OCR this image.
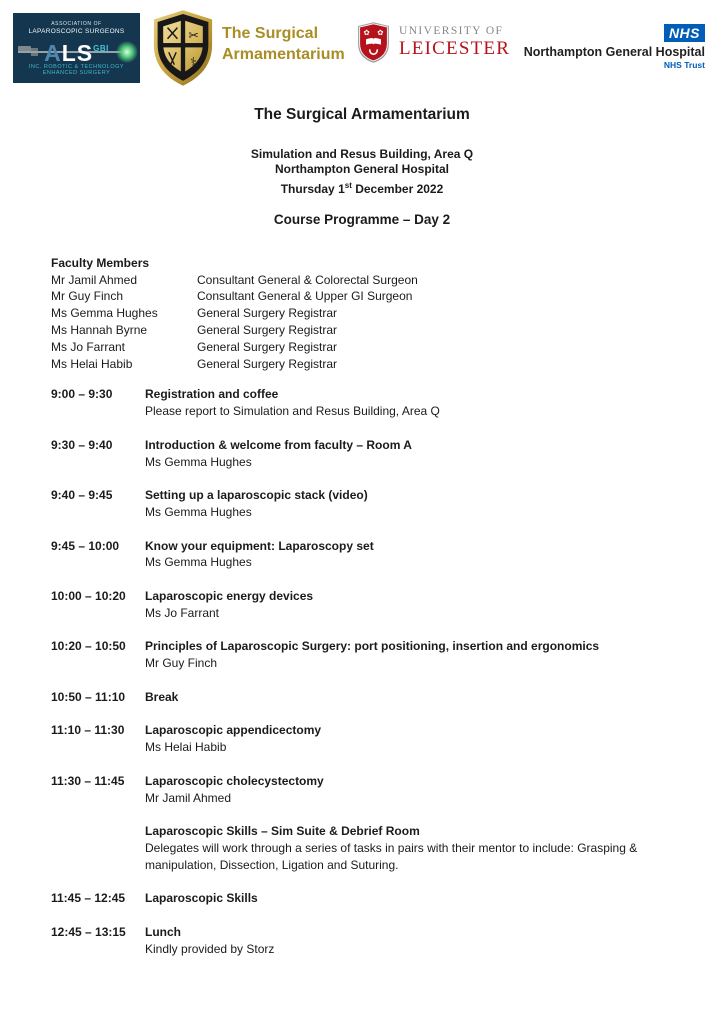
ASSOCIATION OF
LAPAROSCOPIC SURGEONS
$ALS^{GBI}$
INC. ROBOTIC & TECHNOLOGY
ENHANCED SURGERY
✂
⚕
The Surgical
Armamentarium
✿ ✿ UNIVERSITY OF
LEICESTER
NHS
Northampton General Hospital
NHS Trust
The Surgical Armamentarium
Simulation and Resus Building, Area Q
Northampton General Hospital
Thursday 1st December 2022
Course Programme – Day 2
Faculty Members
Mr Jamil Ahmed	Consultant General & Colorectal Surgeon
Mr Guy Finch	Consultant General & Upper GI Surgeon
Ms Gemma Hughes	General Surgery Registrar
Ms Hannah Byrne	General Surgery Registrar
Ms Jo Farrant	General Surgery Registrar
Ms Helai Habib	General Surgery Registrar
9:00 – 9:30	Registration and coffee
Please report to Simulation and Resus Building, Area Q
9:30 – 9:40	Introduction & welcome from faculty – Room A
Ms Gemma Hughes
9:40 – 9:45	Setting up a laparoscopic stack (video)
Ms Gemma Hughes
9:45 – 10:00	Know your equipment: Laparoscopy set
Ms Gemma Hughes
10:00 – 10:20	Laparoscopic energy devices
Ms Jo Farrant
10:20 – 10:50	Principles of Laparoscopic Surgery: port positioning, insertion and ergonomics
Mr Guy Finch
10:50 – 11:10	Break
11:10 – 11:30	Laparoscopic appendicectomy
Ms Helai Habib
11:30 – 11:45	Laparoscopic cholecystectomy
Mr Jamil Ahmed
Laparoscopic Skills – Sim Suite & Debrief Room
Delegates will work through a series of tasks in pairs with their mentor to include: Grasping & manipulation, Dissection, Ligation and Suturing.
11:45 – 12:45	Laparoscopic Skills
12:45 – 13:15	Lunch
Kindly provided by Storz
